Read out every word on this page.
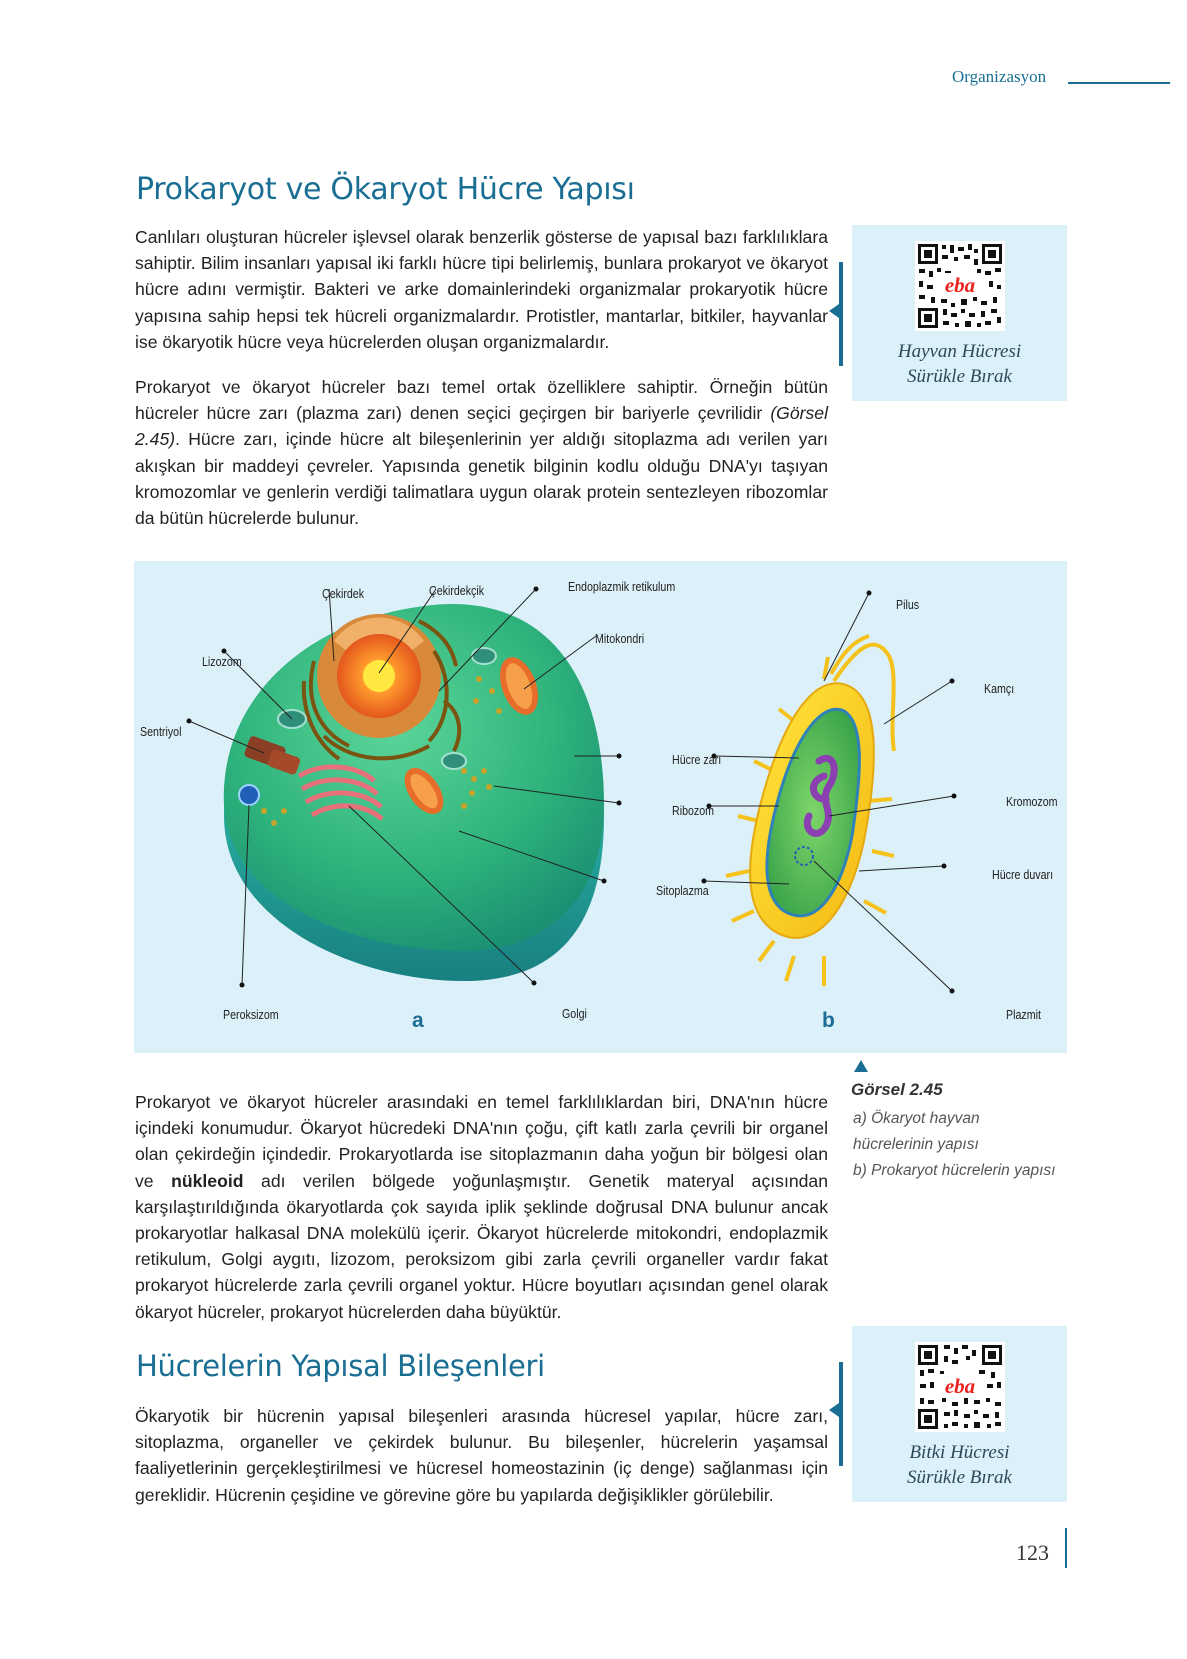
Organizasyon
Prokaryot ve Ökaryot Hücre Yapısı

Canlıları oluşturan hücreler işlevsel olarak benzerlik gösterse de yapısal bazı farklılıklara sahiptir. Bilim insanları yapısal iki farklı hücre tipi belirlemiş, bunlara prokaryot ve ökaryot hücre adını vermiştir. Bakteri ve arke domainlerindeki organizmalar prokaryotik hücre yapısına sahip hepsi tek hücreli organizmalardır. Protistler, mantarlar, bitkiler, hayvanlar ise ökaryotik hücre veya hücrelerden oluşan organizmalardır.

Prokaryot ve ökaryot hücreler bazı temel ortak özelliklere sahiptir. Örneğin bütün hücreler hücre zarı (plazma zarı) denen seçici geçirgen bir bariyerle çevrilidir (Görsel 2.45). Hücre zarı, içinde hücre alt bileşenlerinin yer aldığı sitoplazma adı verilen yarı akışkan bir maddeyi çevreler. Yapısında genetik bilginin kodlu olduğu DNA'yı taşıyan kromozomlar ve genlerin verdiği talimatlara uygun olarak protein sentezleyen ribozomlar da bütün hücrelerde bulunur.

eba
Hayvan Hücresi
Sürükle Bırak
Çekirdek	Çekirdekçik	Endoplazmik retikulum
Mitokondri
Lizozom
Sentriyol
Hücre zarı
Ribozom
Sitoplazma
Peroksizom	Golgi
Pilus
Kamçı
Kromozom
Hücre duvarı
Plazmit
a	b
Görsel 2.45
a) Ökaryot hayvan
hücrelerinin yapısı
b) Prokaryot hücrelerin yapısı

Prokaryot ve ökaryot hücreler arasındaki en temel farklılıklardan biri, DNA'nın hücre içindeki konumudur. Ökaryot hücredeki DNA'nın çoğu, çift katlı zarla çevrili bir organel olan çekirdeğin içindedir. Prokaryotlarda ise sitoplazmanın daha yoğun bir bölgesi olan ve nükleoid adı verilen bölgede yoğunlaşmıştır. Genetik materyal açısından karşılaştırıldığında ökaryotlarda çok sayıda iplik şeklinde doğrusal DNA bulunur ancak prokaryotlar halkasal DNA molekülü içerir. Ökaryot hücrelerde mitokondri, endoplazmik retikulum, Golgi aygıtı, lizozom, peroksizom gibi zarla çevrili organeller vardır fakat prokaryot hücrelerde zarla çevrili organel yoktur. Hücre boyutları açısından genel olarak ökaryot hücreler, prokaryot hücrelerden daha büyüktür.

Hücrelerin Yapısal Bileşenleri

Ökaryotik bir hücrenin yapısal bileşenleri arasında hücresel yapılar, hücre zarı, sitoplazma, organeller ve çekirdek bulunur. Bu bileşenler, hücrelerin yaşamsal faaliyetlerinin gerçekleştirilmesi ve hücresel homeostazinin (iç denge) sağlanması için gereklidir. Hücrenin çeşidine ve görevine göre bu yapılarda değişiklikler görülebilir.

eba
Bitki Hücresi
Sürükle Bırak
123
